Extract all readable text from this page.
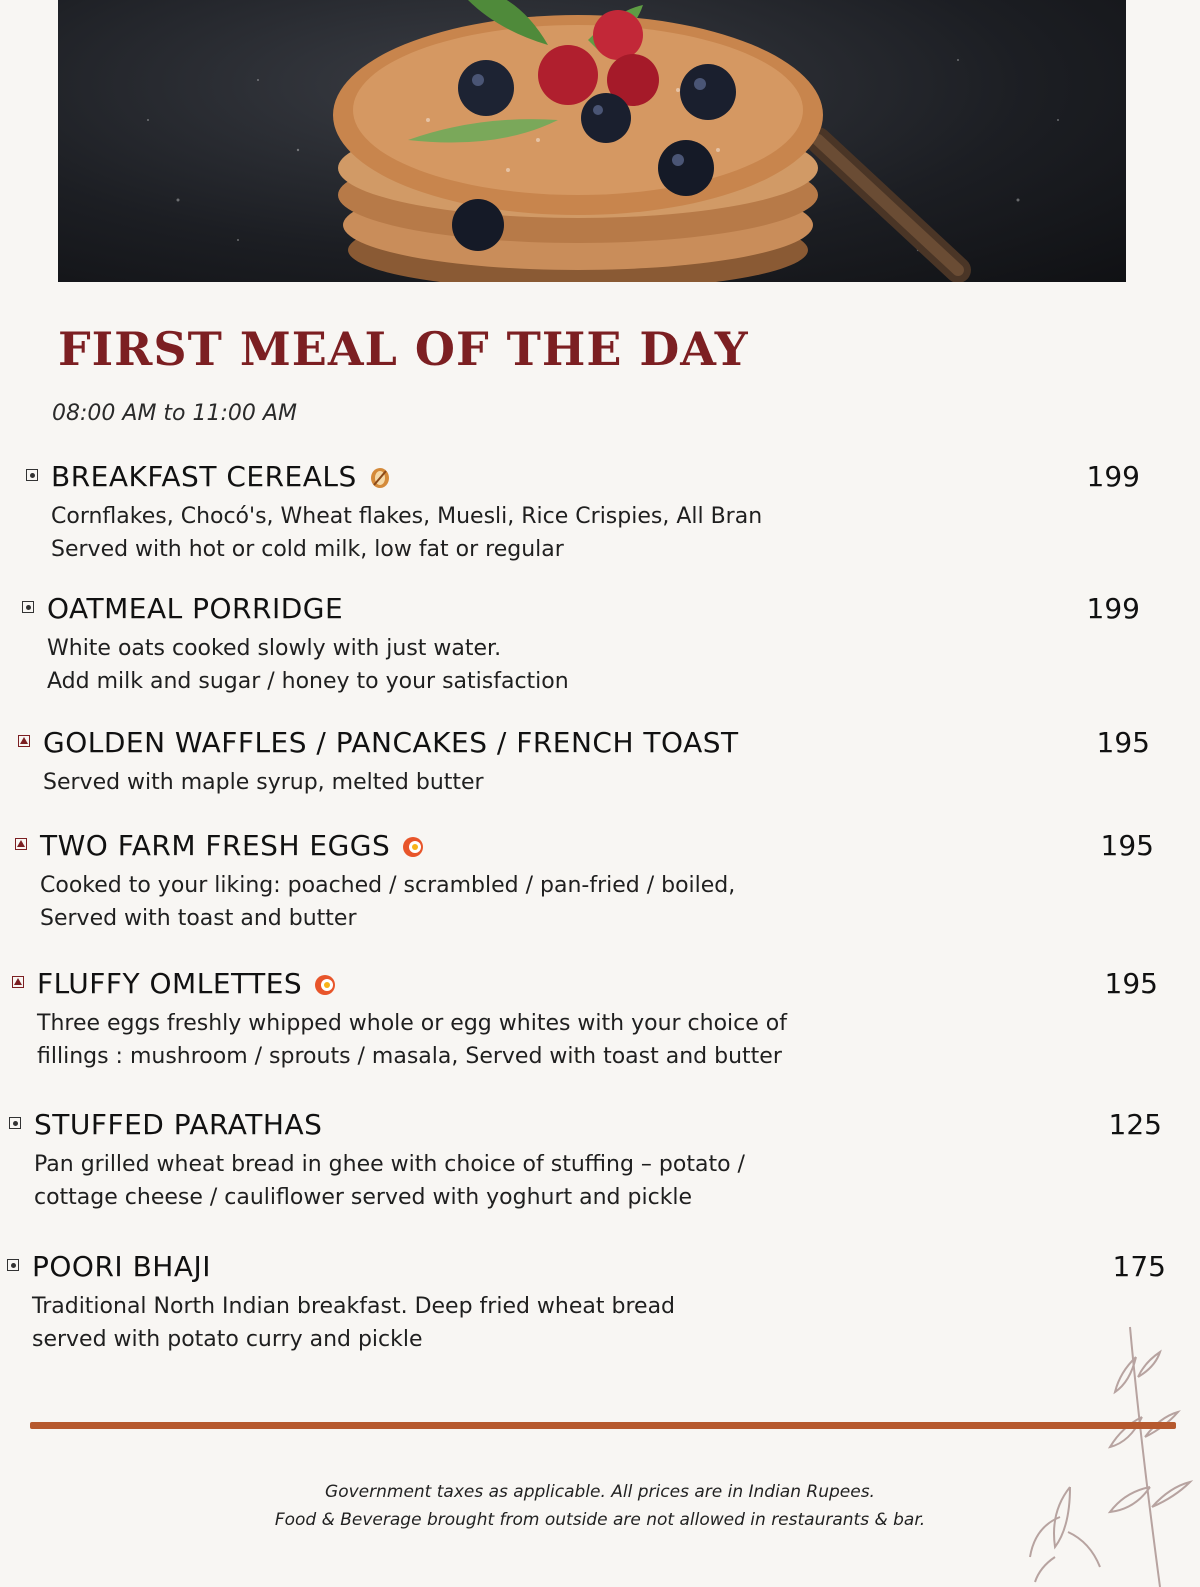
FIRST MEAL OF THE DAY
08:00 AM to 11:00 AM
BREAKFAST CEREALS	199
Cornflakes, Chocó's, Wheat flakes, Muesli, Rice Crispies, All Bran
Served with hot or cold milk, low fat or regular
OATMEAL PORRIDGE	199
White oats cooked slowly with just water.
Add milk and sugar / honey to your satisfaction
GOLDEN WAFFLES / PANCAKES / FRENCH TOAST	195
Served with maple syrup, melted butter
TWO FARM FRESH EGGS	195
Cooked to your liking: poached / scrambled / pan-fried / boiled,
Served with toast and butter
FLUFFY OMLETTES	195
Three eggs freshly whipped whole or egg whites with your choice of
fillings : mushroom / sprouts / masala, Served with toast and butter
STUFFED PARATHAS	125
Pan grilled wheat bread in ghee with choice of stuffing – potato /
cottage cheese / cauliflower served with yoghurt and pickle
POORI BHAJI	175
Traditional North Indian breakfast. Deep fried wheat bread
served with potato curry and pickle
Government taxes as applicable. All prices are in Indian Rupees.
Food & Beverage brought from outside are not allowed in restaurants & bar.
